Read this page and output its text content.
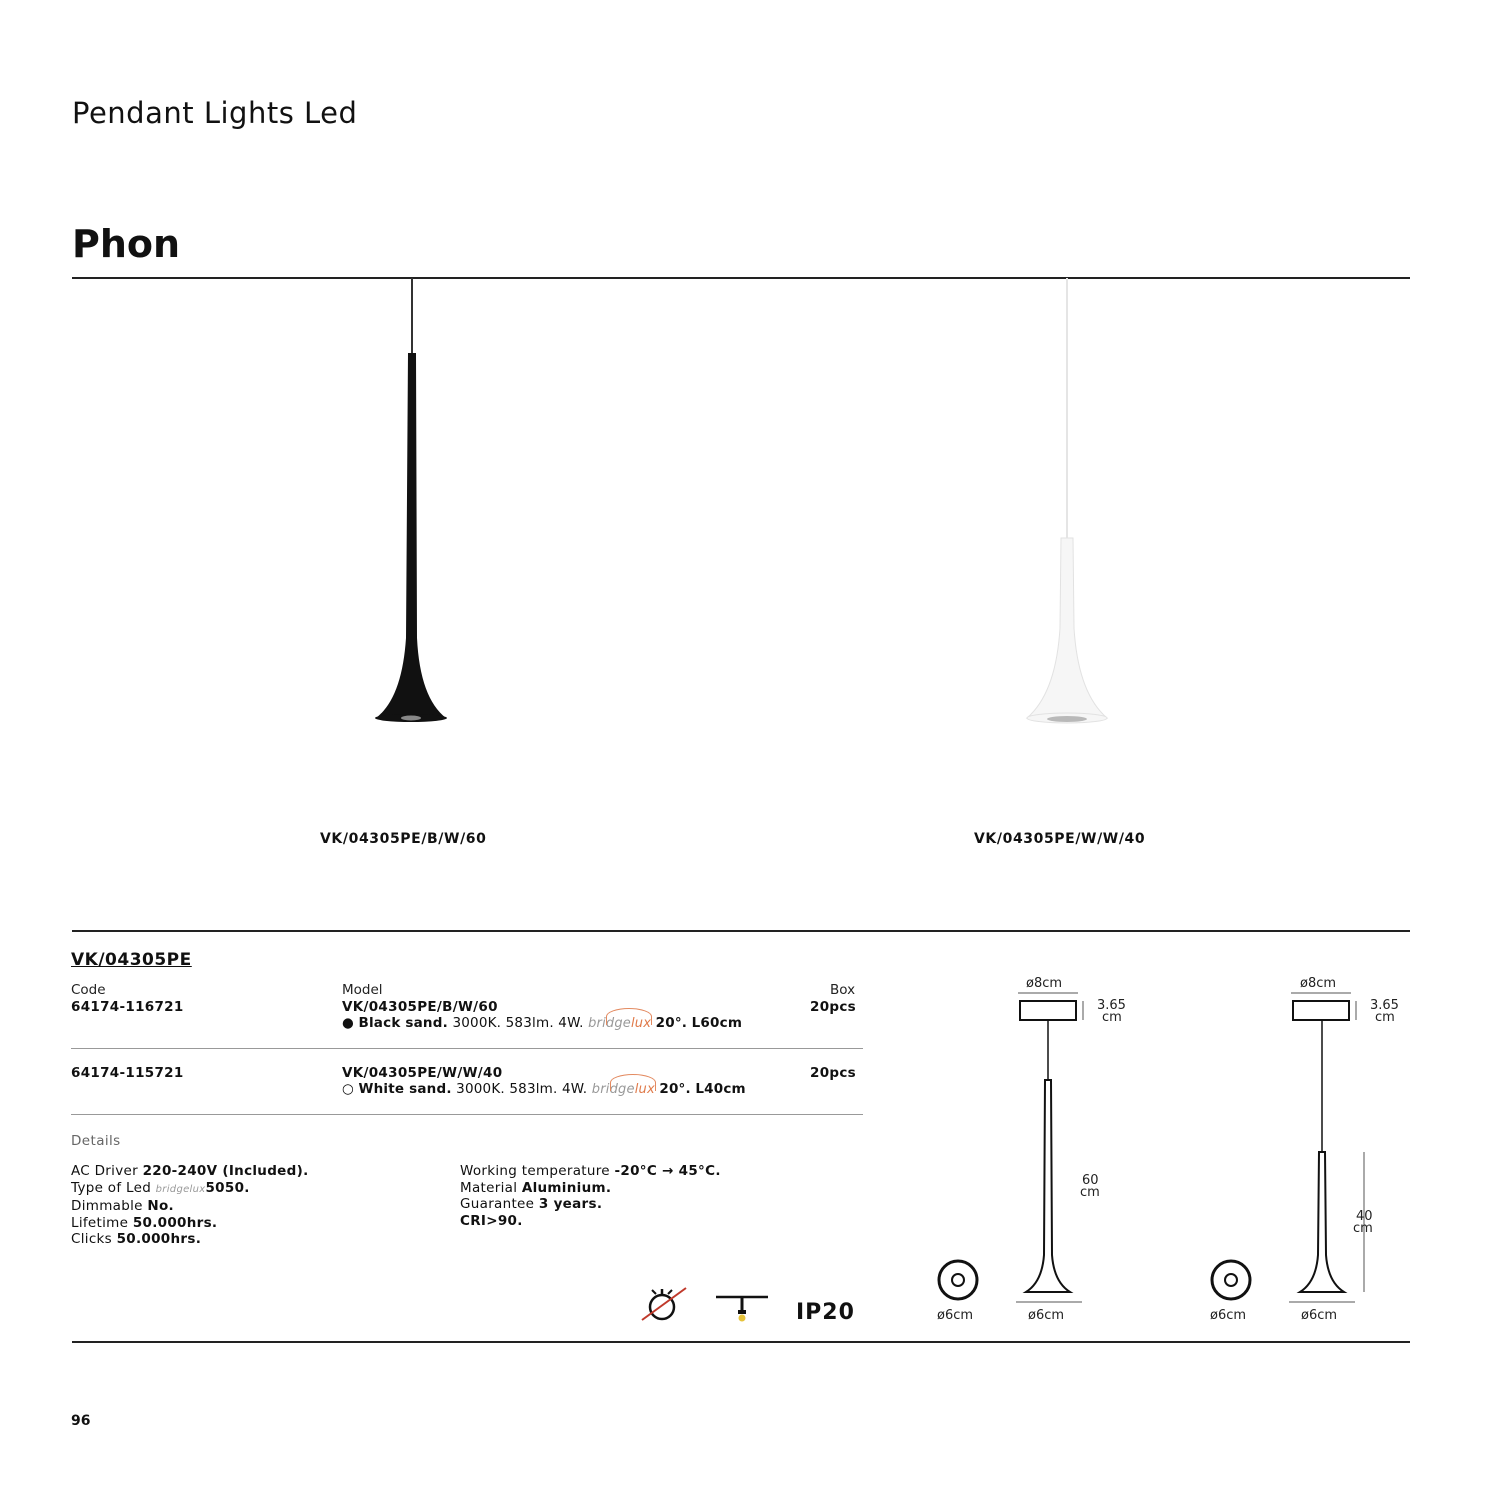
Pendant Lights Led
Phon
VK/04305PE/B/W/60	VK/04305PE/W/W/40
VK/04305PE
Code	Model	Box
64174-116721	VK/04305PE/B/W/60	20pcs
● Black sand. 3000K. 583lm. 4W. bridgelux 20°. L60cm
64174-115721	VK/04305PE/W/W/40	20pcs
○ White sand. 3000K. 583lm. 4W. bridgelux 20°. L40cm
Details
AC Driver 220-240V (Included).
Type of Led bridgelux5050.
Dimmable No.
Lifetime 50.000hrs.
Clicks 50.000hrs.
Working temperature -20°C → 45°C.
Material Aluminium.
Guarantee 3 years.
CRI>90.
IP20
ø8cm
3.65
cm
60
cm
ø6cm	ø6cm
ø8cm
3.65
cm
40
cm
ø6cm	ø6cm
96
